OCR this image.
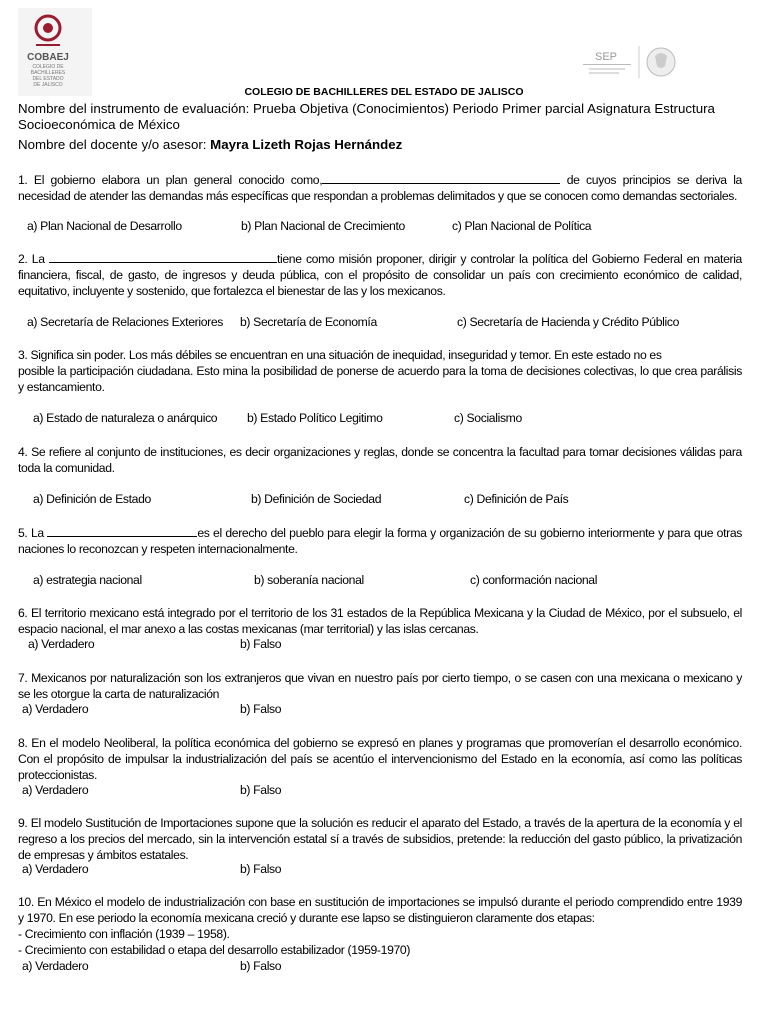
COBAEJ
COLEGIO DE
BACHILLERES
DEL ESTADO
DE JALISCO
SEP
COLEGIO DE BACHILLERES DEL ESTADO DE JALISCO
Nombre del instrumento de evaluación: Prueba Objetiva (Conocimientos) Periodo Primer parcial Asignatura Estructura Socioeconómica de México
Nombre del docente y/o asesor: Mayra Lizeth Rojas Hernández
1. El gobierno elabora un plan general conocido como,	de cuyos principios se deriva la necesidad de atender las demandas más específicas que respondan a problemas delimitados y que se conocen como demandas sectoriales.
a) Plan Nacional de Desarrollo	b) Plan Nacional de Crecimiento	c) Plan Nacional de Política
2. La	tiene como misión proponer, dirigir y controlar la política del Gobierno Federal en materia financiera, fiscal, de gasto, de ingresos y deuda pública, con el propósito de consolidar un país con crecimiento económico de calidad, equitativo, incluyente y sostenido, que fortalezca el bienestar de las y los mexicanos.
a) Secretaría de Relaciones Exteriores b) Secretaría de Economía	c) Secretaría de Hacienda y Crédito Público
3. Significa sin poder. Los más débiles se encuentran en una situación de inequidad, inseguridad y temor. En este estado no es
posible la participación ciudadana. Esto mina la posibilidad de ponerse de acuerdo para la toma de decisiones colectivas, lo que crea parálisis y estancamiento.
a) Estado de naturaleza o anárquico b) Estado Político Legitimo	c) Socialismo
4. Se refiere al conjunto de instituciones, es decir organizaciones y reglas, donde se concentra la facultad para tomar decisiones válidas para toda la comunidad.
a) Definición de Estado	b) Definición de Sociedad	c) Definición de País
5. La	es el derecho del pueblo para elegir la forma y organización de su gobierno interiormente y para que otras naciones lo reconozcan y respeten internacionalmente.
a) estrategia nacional	b) soberanía nacional	c) conformación nacional
6. El territorio mexicano está integrado por el territorio de los 31 estados de la República Mexicana y la Ciudad de México, por el subsuelo, el espacio nacional, el mar anexo a las costas mexicanas (mar territorial) y las islas cercanas.
a) Verdadero	b) Falso
7. Mexicanos por naturalización son los extranjeros que vivan en nuestro país por cierto tiempo, o se casen con una mexicana o mexicano y se les otorgue la carta de naturalización
a) Verdadero	b) Falso
8. En el modelo Neoliberal, la política económica del gobierno se expresó en planes y programas que promoverían el desarrollo económico. Con el propósito de impulsar la industrialización del país se acentúo el intervencionismo del Estado en la economía, así como las políticas proteccionistas.
a) Verdadero	b) Falso
9. El modelo Sustitución de Importaciones supone que la solución es reducir el aparato del Estado, a través de la apertura de la economía y el regreso a los precios del mercado, sin la intervención estatal sí a través de subsidios, pretende: la reducción del gasto público, la privatización de empresas y ámbitos estatales.
a) Verdadero	b) Falso
10. En México el modelo de industrialización con base en sustitución de importaciones se impulsó durante el periodo comprendido entre 1939 y 1970. En ese periodo la economía mexicana creció y durante ese lapso se distinguieron claramente dos etapas:
- Crecimiento con inflación (1939 – 1958).
- Crecimiento con estabilidad o etapa del desarrollo estabilizador (1959-1970)
a) Verdadero	b) Falso
